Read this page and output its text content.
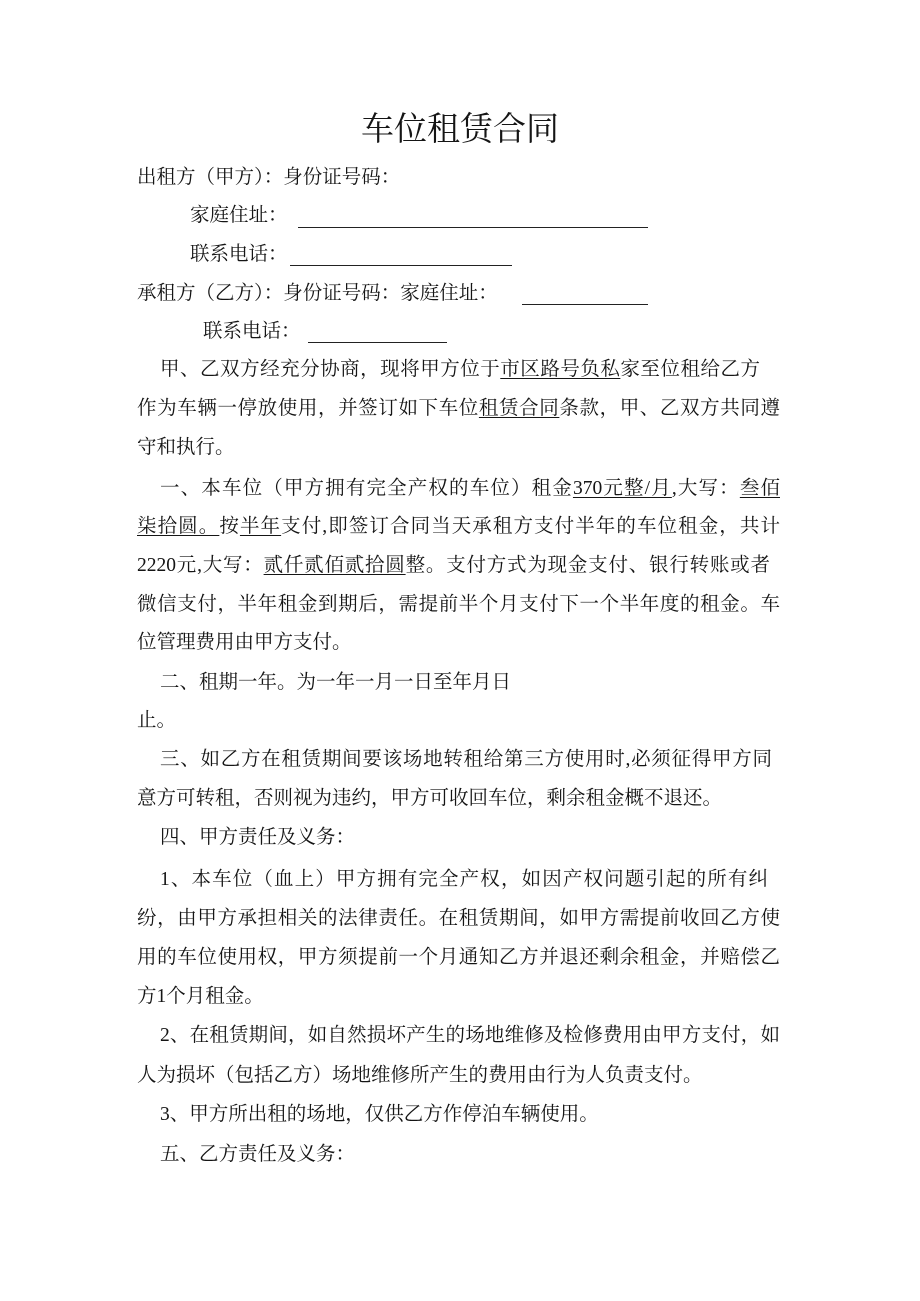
车位租赁合同
出租方（甲方）：身份证号码：
家庭住址：
联系电话：
承租方（乙方）：身份证号码：家庭住址：
联系电话：
甲、乙双方经充分协商，现将甲方位于市区路号负私家至位租给乙方
作为车辆一停放使用，并签订如下车位租赁合同条款，甲、乙双方共同遵
守和执行。
一、本车位（甲方拥有完全产权的车位）租金370元整/月,大写：叁佰
柒拾圆。按半年支付,即签订合同当天承租方支付半年的车位租金，共计
2220元,大写：贰仟贰佰贰拾圆整。支付方式为现金支付、银行转账或者
微信支付，半年租金到期后，需提前半个月支付下一个半年度的租金。车
位管理费用由甲方支付。
二、租期一年。为一年一月一日至年月日
止。
三、如乙方在租赁期间要该场地转租给第三方使用时,必须征得甲方同
意方可转租，否则视为违约，甲方可收回车位，剩余租金概不退还。
四、甲方责任及义务：
1、本车位（血上）甲方拥有完全产权，如因产权问题引起的所有纠
纷，由甲方承担相关的法律责任。在租赁期间，如甲方需提前收回乙方使
用的车位使用权，甲方须提前一个月通知乙方并退还剩余租金，并赔偿乙
方1个月租金。
2、在租赁期间，如自然损坏产生的场地维修及检修费用由甲方支付，如
人为损坏（包括乙方）场地维修所产生的费用由行为人负责支付。
3、甲方所出租的场地，仅供乙方作停泊车辆使用。
五、乙方责任及义务：
